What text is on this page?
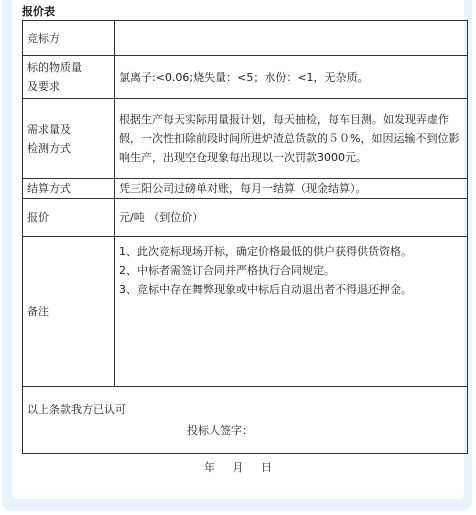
报价表
竞标方	
标的物质量
及要求	氯离子:<0.06;烧失量：<5；水份：<1，无杂质。
需求量及
检测方式	根据生产每天实际用量报计划，每天抽检，每车目测。如发现弄虚作假，一次性扣除前段时间所进炉渣总货款的５０%，如因运输不到位影响生产，出现空仓现象每出现以一次罚款3000元。
结算方式	凭三阳公司过磅单对账，每月一结算（现金结算）。
报价	元/吨 （到位价）
备注	1、此次竞标现场开标，确定价格最低的供户获得供货资格。
2、中标者需签订合同并严格执行合同规定。
3、竞标中存在舞弊现象或中标后自动退出者不得退还押金。

以上条款我方已认可
投标人签字：	
年 月 日
